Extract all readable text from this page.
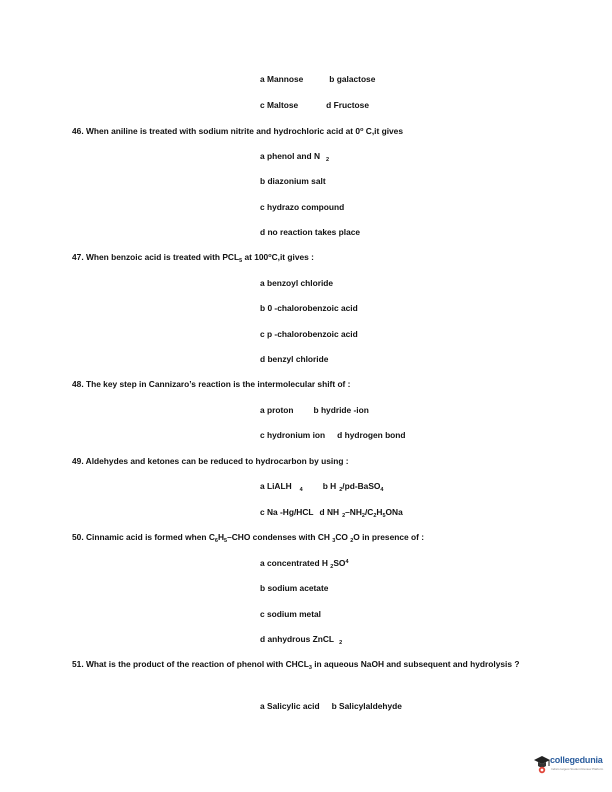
a Mannose	b galactose
c Maltose	d Fructose
46. When aniline is treated with sodium nitrite and hydrochloric acid at 0$^o$ C,it gives
a phenol and N $_2$
b diazonium salt
c hydrazo compound
d no reaction takes place
47. When benzoic acid is treated with $PCL_5$ at 100$^o$C,it gives :
a benzoyl chloride
b 0 -chalorobenzoic acid
c p -chalorobenzoic acid
d benzyl chloride
48. The key step in Cannizaro’s reaction is the intermolecular shift of :
a proton b hydride -ion
c hydronium ion d hydrogen bond
49. Aldehydes and ketones can be reduced to hydrocarbon by using :
a LiALH $_4$ b H $_2$/pd-BaSO$_4$
c Na -Hg/HCL d NH $_2-NH_2/C_2H_5ONa$
50. Cinnamic acid is formed when $C_6H_5$–CHO condenses with CH $_3$CO $_2$O in presence of :
a concentrated H $_2SO^4$
b sodium acetate
c sodium metal
d anhydrous ZnCL $_2$
51. What is the product of the reaction of phenol with $CHCL_3$ in aqueous NaOH and subsequent and hydrolysis ?
a Salicylic acid b Salicylaldehyde
collegedunia
India's largest Student Review Platform
